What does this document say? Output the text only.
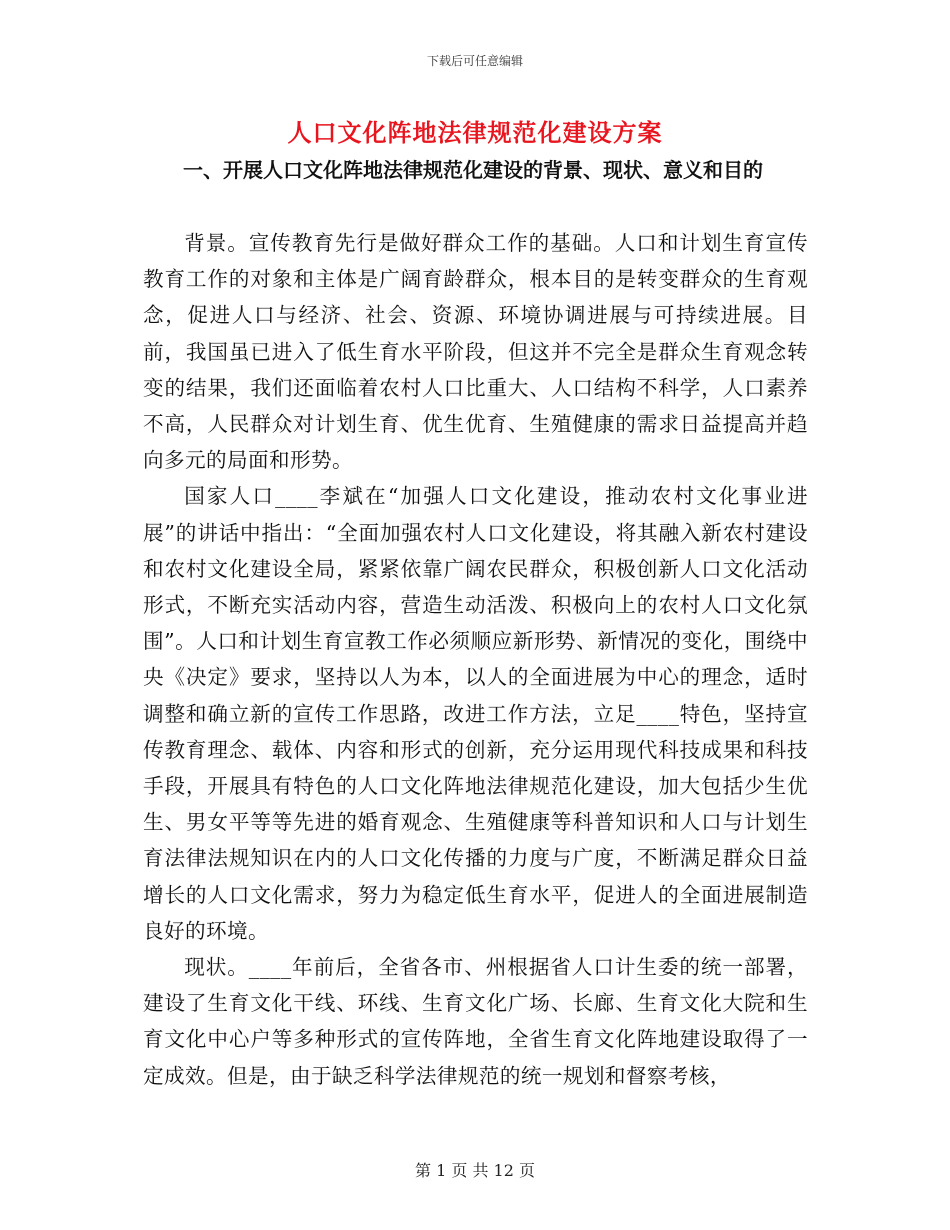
下载后可任意编辑
人口文化阵地法律规范化建设方案
一、开展人口文化阵地法律规范化建设的背景、现状、意义和目的

背景。宣传教育先行是做好群众工作的基础。人口和计划生育宣传教育工作的对象和主体是广阔育龄群众，根本目的是转变群众的生育观念，促进人口与经济、社会、资源、环境协调进展与可持续进展。目前，我国虽已进入了低生育水平阶段，但这并不完全是群众生育观念转变的结果，我们还面临着农村人口比重大、人口结构不科学，人口素养不高，人民群众对计划生育、优生优育、生殖健康的需求日益提高并趋向多元的局面和形势。

国家人口____李斌在“加强人口文化建设，推动农村文化事业进展”的讲话中指出：“全面加强农村人口文化建设，将其融入新农村建设和农村文化建设全局，紧紧依靠广阔农民群众，积极创新人口文化活动形式，不断充实活动内容，营造生动活泼、积极向上的农村人口文化氛围”。人口和计划生育宣教工作必须顺应新形势、新情况的变化，围绕中央《决定》要求，坚持以人为本，以人的全面进展为中心的理念，适时调整和确立新的宣传工作思路，改进工作方法，立足____特色，坚持宣传教育理念、载体、内容和形式的创新，充分运用现代科技成果和科技手段，开展具有特色的人口文化阵地法律规范化建设，加大包括少生优生、男女平等等先进的婚育观念、生殖健康等科普知识和人口与计划生育法律法规知识在内的人口文化传播的力度与广度，不断满足群众日益增长的人口文化需求，努力为稳定低生育水平，促进人的全面进展制造良好的环境。

现状。____年前后，全省各市、州根据省人口计生委的统一部署，建设了生育文化干线、环线、生育文化广场、长廊、生育文化大院和生育文化中心户等多种形式的宣传阵地，全省生育文化阵地建设取得了一定成效。但是，由于缺乏科学法律规范的统一规划和督察考核，

第 1 页 共 12 页
